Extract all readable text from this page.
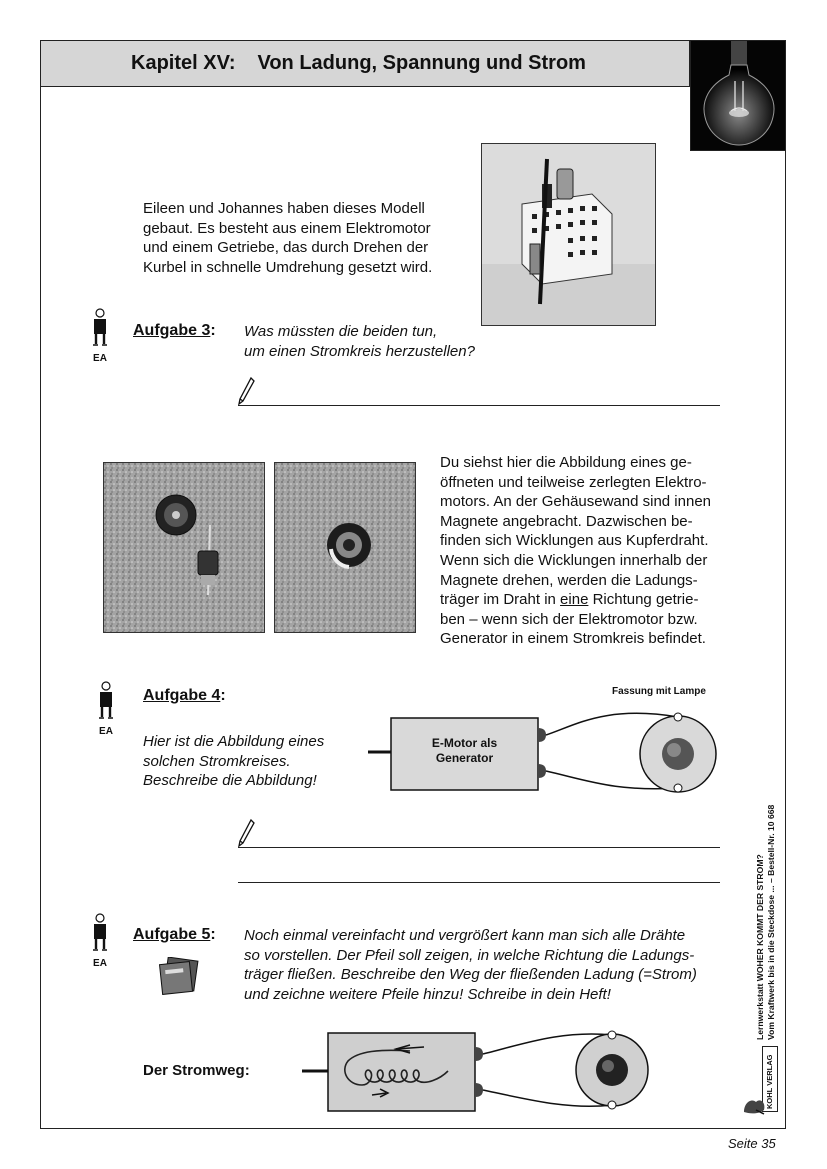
Kapitel XV: Von Ladung, Spannung und Strom
Eileen und Johannes haben dieses Modell
gebaut. Es besteht aus einem Elektromotor
und einem Getriebe, das durch Drehen der
Kurbel in schnelle Umdrehung gesetzt wird.
EA
Aufgabe 3: Was müssten die beiden tun,
um einen Stromkreis herzustellen?
Du siehst hier die Abbildung eines ge-
öffneten und teilweise zerlegten Elektro-
motors. An der Gehäusewand sind innen
Magnete angebracht. Dazwischen be-
finden sich Wicklungen aus Kupferdraht.
Wenn sich die Wicklungen innerhalb der
Magnete drehen, werden die Ladungs-
träger im Draht in eine Richtung getrie-
ben – wenn sich der Elektromotor bzw.
Generator in einem Stromkreis befindet.
EA
Aufgabe 4:
Hier ist die Abbildung eines
solchen Stromkreises.
Beschreibe die Abbildung!
Fassung mit Lampe
E-Motor als
Generator
EA
Aufgabe 5: Noch einmal vereinfacht und vergrößert kann man sich alle Drähte
so vorstellen. Der Pfeil soll zeigen, in welche Richtung die Ladungs-
träger fließen. Beschreibe den Weg der fließenden Ladung (=Strom)
und zeichne weitere Pfeile hinzu! Schreibe in dein Heft!
Der Stromweg:
Lernwerkstatt WOHER KOMMT DER STROM? Vom Kraftwerk bis in die Steckdose ... – Bestell-Nr. 10 668
KOHL VERLAG
Seite 35
